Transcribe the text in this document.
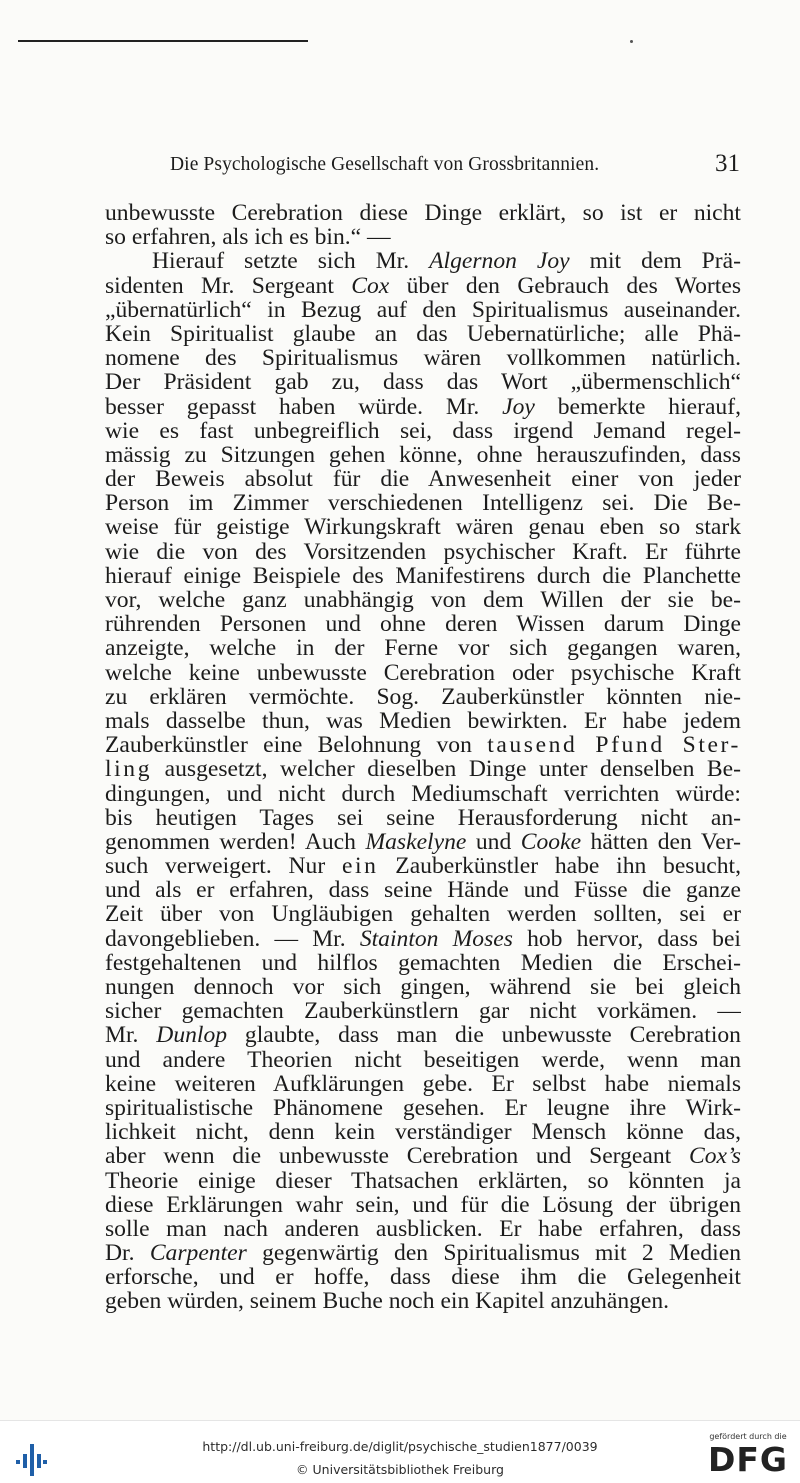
Die Psychologische Gesellschaft von Grossbritannien.	31
unbewusste Cerebration diese Dinge erklärt, so ist er nicht
so erfahren, als ich es bin.“ —
Hierauf setzte sich Mr. Algernon Joy mit dem Prä-
sidenten Mr. Sergeant Cox über den Gebrauch des Wortes
„übernatürlich“ in Bezug auf den Spiritualismus auseinander.
Kein Spiritualist glaube an das Uebernatürliche; alle Phä-
nomene des Spiritualismus wären vollkommen natürlich.
Der Präsident gab zu, dass das Wort „übermenschlich“
besser gepasst haben würde. Mr. Joy bemerkte hierauf,
wie es fast unbegreiflich sei, dass irgend Jemand regel-
mässig zu Sitzungen gehen könne, ohne herauszufinden, dass
der Beweis absolut für die Anwesenheit einer von jeder
Person im Zimmer verschiedenen Intelligenz sei. Die Be-
weise für geistige Wirkungskraft wären genau eben so stark
wie die von des Vorsitzenden psychischer Kraft. Er führte
hierauf einige Beispiele des Manifestirens durch die Planchette
vor, welche ganz unabhängig von dem Willen der sie be-
rührenden Personen und ohne deren Wissen darum Dinge
anzeigte, welche in der Ferne vor sich gegangen waren,
welche keine unbewusste Cerebration oder psychische Kraft
zu erklären vermöchte. Sog. Zauberkünstler könnten nie-
mals dasselbe thun, was Medien bewirkten. Er habe jedem
Zauberkünstler eine Belohnung von tausend Pfund Ster-
ling ausgesetzt, welcher dieselben Dinge unter denselben Be-
dingungen, und nicht durch Mediumschaft verrichten würde:
bis heutigen Tages sei seine Herausforderung nicht an-
genommen werden! Auch Maskelyne und Cooke hätten den Ver-
such verweigert. Nur ein Zauberkünstler habe ihn besucht,
und als er erfahren, dass seine Hände und Füsse die ganze
Zeit über von Ungläubigen gehalten werden sollten, sei er
davongeblieben. — Mr. Stainton Moses hob hervor, dass bei
festgehaltenen und hilflos gemachten Medien die Erschei-
nungen dennoch vor sich gingen, während sie bei gleich
sicher gemachten Zauberkünstlern gar nicht vorkämen. —
Mr. Dunlop glaubte, dass man die unbewusste Cerebration
und andere Theorien nicht beseitigen werde, wenn man
keine weiteren Aufklärungen gebe. Er selbst habe niemals
spiritualistische Phänomene gesehen. Er leugne ihre Wirk-
lichkeit nicht, denn kein verständiger Mensch könne das,
aber wenn die unbewusste Cerebration und Sergeant Cox’s
Theorie einige dieser Thatsachen erklärten, so könnten ja
diese Erklärungen wahr sein, und für die Lösung der übrigen
solle man nach anderen ausblicken. Er habe erfahren, dass
Dr. Carpenter gegenwärtig den Spiritualismus mit 2 Medien
erforsche, und er hoffe, dass diese ihm die Gelegenheit
geben würden, seinem Buche noch ein Kapitel anzuhängen.
http://dl.ub.uni-freiburg.de/diglit/psychische_studien1877/0039
© Universitätsbibliothek Freiburg
gefördert durch die
DFG
